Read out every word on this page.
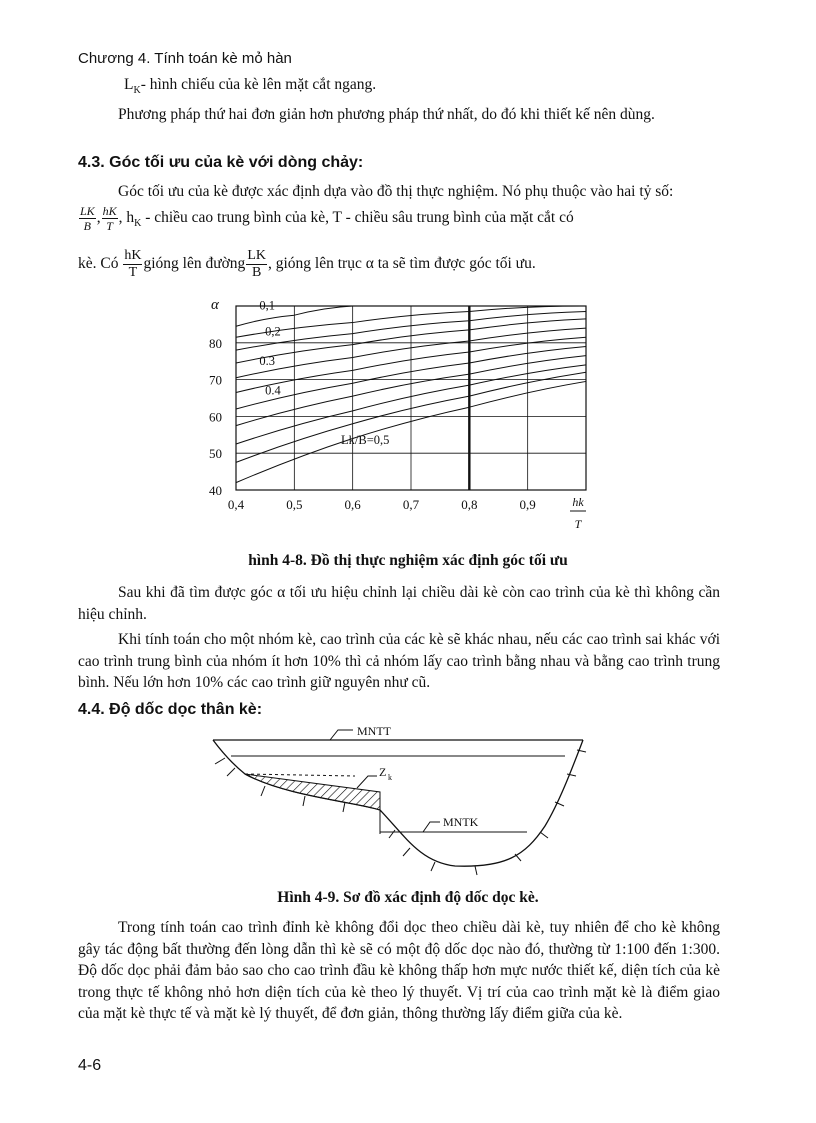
Chương 4. Tính toán kè mỏ hàn
$L_K-$ hình chiếu của kè lên mặt cắt ngang.
Phương pháp thứ hai đơn giản hơn phương pháp thứ nhất, do đó khi thiết kế nên dùng.
4.3. Góc tối ưu của kè với dòng chảy:
Góc tối ưu của kè được xác định dựa vào đồ thị thực nghiệm. Nó phụ thuộc vào hai tỷ số:
$\frac{LK}{B}$ , $\frac{hK}{T}$ , $h_K$ - chiều cao trung bình của kè, T - chiều sâu trung bình của mặt cắt có
kè. Có $\frac{hK}{T}$ gióng lên đường $\frac{LK}{B}$ , gióng lên trục α ta sẽ tìm được góc tối ưu.
0,4	0,5	0,6	0,7	0,8	0,9
40
50
60
70
80
0,1
0,2
0.3
0.4
Lk/B=0,5
α
hk
T
hình 4-8. Đồ thị thực nghiệm xác định góc tối ưu
Sau khi đã tìm được góc α tối ưu hiệu chỉnh lại chiều dài kè còn cao trình của kè thì không cần hiệu chỉnh.
Khi tính toán cho một nhóm kè, cao trình của các kè sẽ khác nhau, nếu các cao trình sai khác với cao trình trung bình của nhóm ít hơn 10% thì cả nhóm lấy cao trình bằng nhau và bằng cao trình trung bình. Nếu lớn hơn 10% các cao trình giữ nguyên như cũ.
4.4. Độ dốc dọc thân kè:
MNTT
Z k
MNTK
Hình 4-9. Sơ đồ xác định độ dốc dọc kè.
Trong tính toán cao trình đỉnh kè không đổi dọc theo chiều dài kè, tuy nhiên để cho kè không gây tác động bất thường đến lòng dẫn thì kè sẽ có một độ dốc dọc nào đó, thường từ 1:100 đến 1:300. Độ dốc dọc phải đảm bảo sao cho cao trình đầu kè không thấp hơn mực nước thiết kế, diện tích của kè trong thực tế không nhỏ hơn diện tích của kè theo lý thuyết. Vị trí của cao trình mặt kè là điểm giao của mặt kè thực tế và mặt kè lý thuyết, để đơn giản, thông thường lấy điểm giữa của kè.
4-6
